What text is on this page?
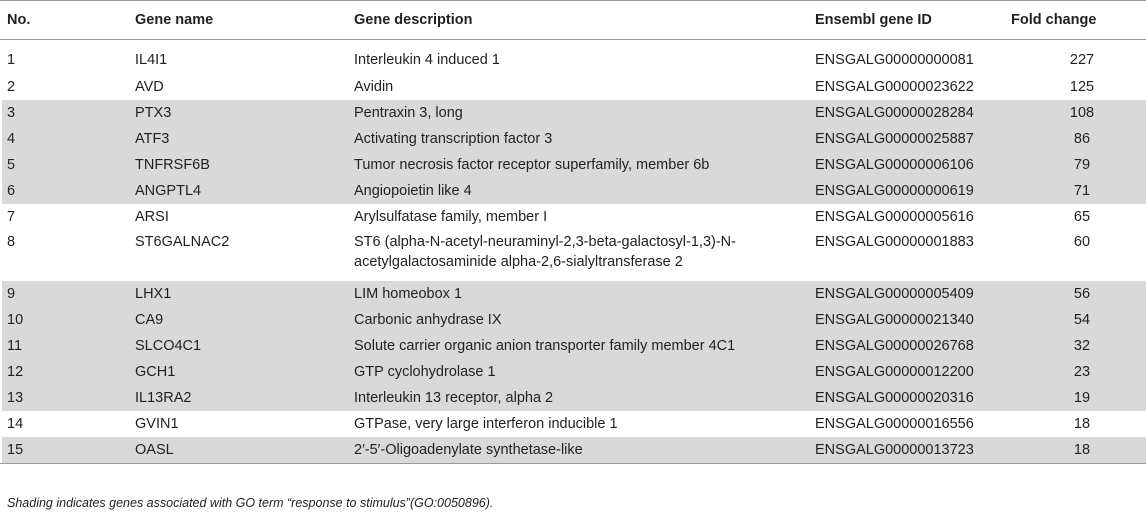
No.	Gene name	Gene description	Ensembl gene ID	Fold change
1	IL4I1	Interleukin 4 induced 1	ENSGALG00000000081	227
2	AVD	Avidin	ENSGALG00000023622	125
3	PTX3	Pentraxin 3, long	ENSGALG00000028284	108
4	ATF3	Activating transcription factor 3	ENSGALG00000025887	86
5	TNFRSF6B	Tumor necrosis factor receptor superfamily, member 6b	ENSGALG00000006106	79
6	ANGPTL4	Angiopoietin like 4	ENSGALG00000000619	71
7	ARSI	Arylsulfatase family, member I	ENSGALG00000005616	65
8	ST6GALNAC2	ST6 (alpha-N-acetyl-neuraminyl-2,3-beta-galactosyl-1,3)-N-acetylgalactosaminide alpha-2,6-sialyltransferase 2	ENSGALG00000001883	60
9	LHX1	LIM homeobox 1	ENSGALG00000005409	56
10	CA9	Carbonic anhydrase IX	ENSGALG00000021340	54
11	SLCO4C1	Solute carrier organic anion transporter family member 4C1	ENSGALG00000026768	32
12	GCH1	GTP cyclohydrolase 1	ENSGALG00000012200	23
13	IL13RA2	Interleukin 13 receptor, alpha 2	ENSGALG00000020316	19
14	GVIN1	GTPase, very large interferon inducible 1	ENSGALG00000016556	18
15	OASL	2′-5′-Oligoadenylate synthetase-like	ENSGALG00000013723	18
Shading indicates genes associated with GO term “response to stimulus”(GO:0050896).
